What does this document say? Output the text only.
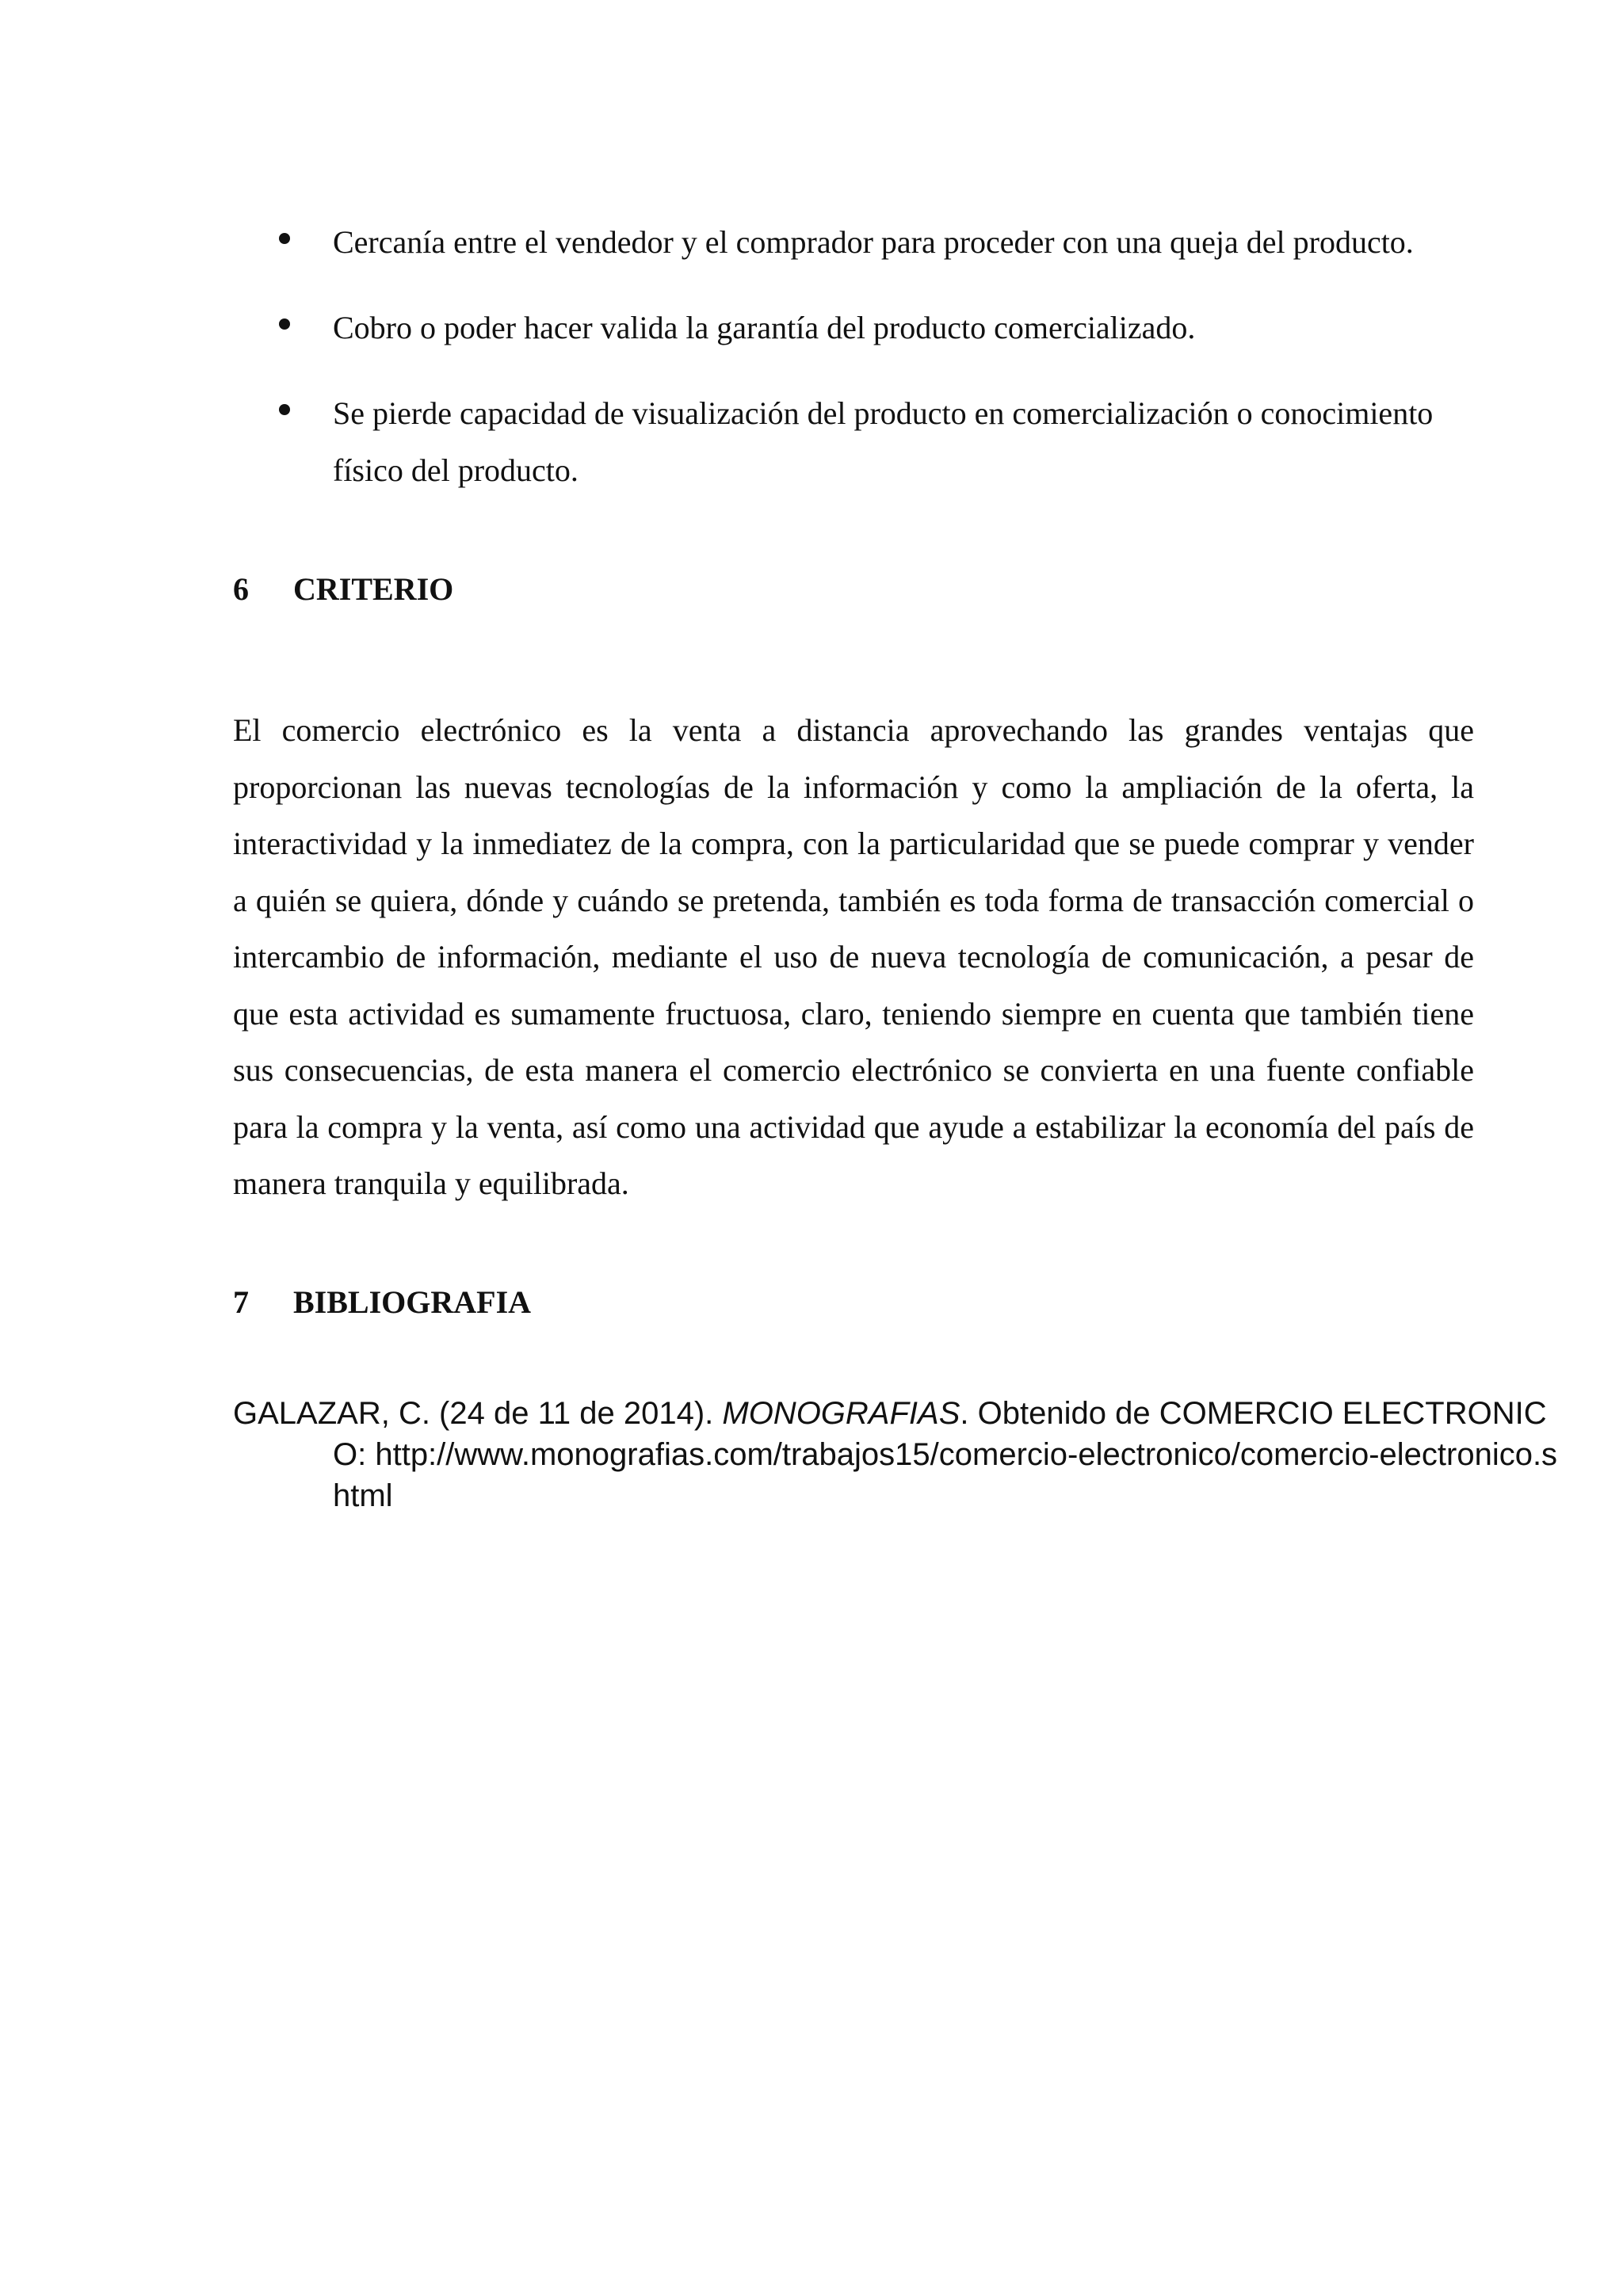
Cercanía entre el vendedor y el comprador para proceder con una queja del producto.
Cobro o poder hacer valida la garantía del producto comercializado.
Se pierde capacidad de visualización del producto en comercialización o conocimiento físico del producto.
6 CRITERIO

El comercio electrónico es la venta a distancia aprovechando las grandes ventajas que proporcionan las nuevas tecnologías de la información y como la ampliación de la oferta, la interactividad y la inmediatez de la compra, con la particularidad que se puede comprar y vender a quién se quiera, dónde y cuándo se pretenda, también es toda forma de transacción comercial o intercambio de información, mediante el uso de nueva tecnología de comunicación, a pesar de que esta actividad es sumamente fructuosa, claro, teniendo siempre en cuenta que también tiene sus consecuencias, de esta manera el comercio electrónico se convierta en una fuente confiable para la compra y la venta, así como una actividad que ayude a estabilizar la economía del país de manera tranquila y equilibrada.

7 BIBLIOGRAFIA

GALAZAR, C. (24 de 11 de 2014). MONOGRAFIAS. Obtenido de COMERCIO ELECTRONICO: http://www.monografias.com/trabajos15/comercio-electronico/comercio-electronico.shtml
